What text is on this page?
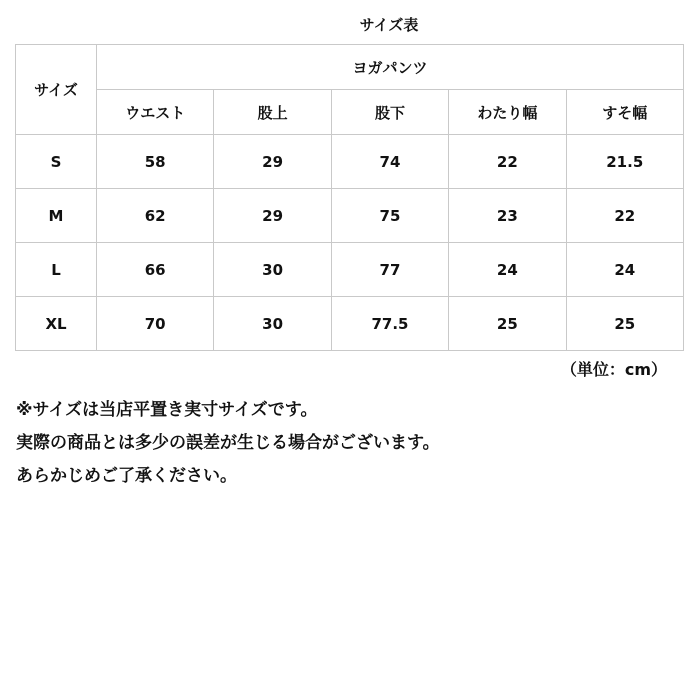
サイズ表
サイズ	ヨガパンツ				
	ウエスト	股上	股下	わたり幅	すそ幅
S	58	29	74	22	21.5
M	62	29	75	23	22
L	66	30	77	24	24
XL	70	30	77.5	25	25
（単位：cm）
※サイズは当店平置き実寸サイズです。
実際の商品とは多少の誤差が生じる場合がございます。
あらかじめご了承ください。
